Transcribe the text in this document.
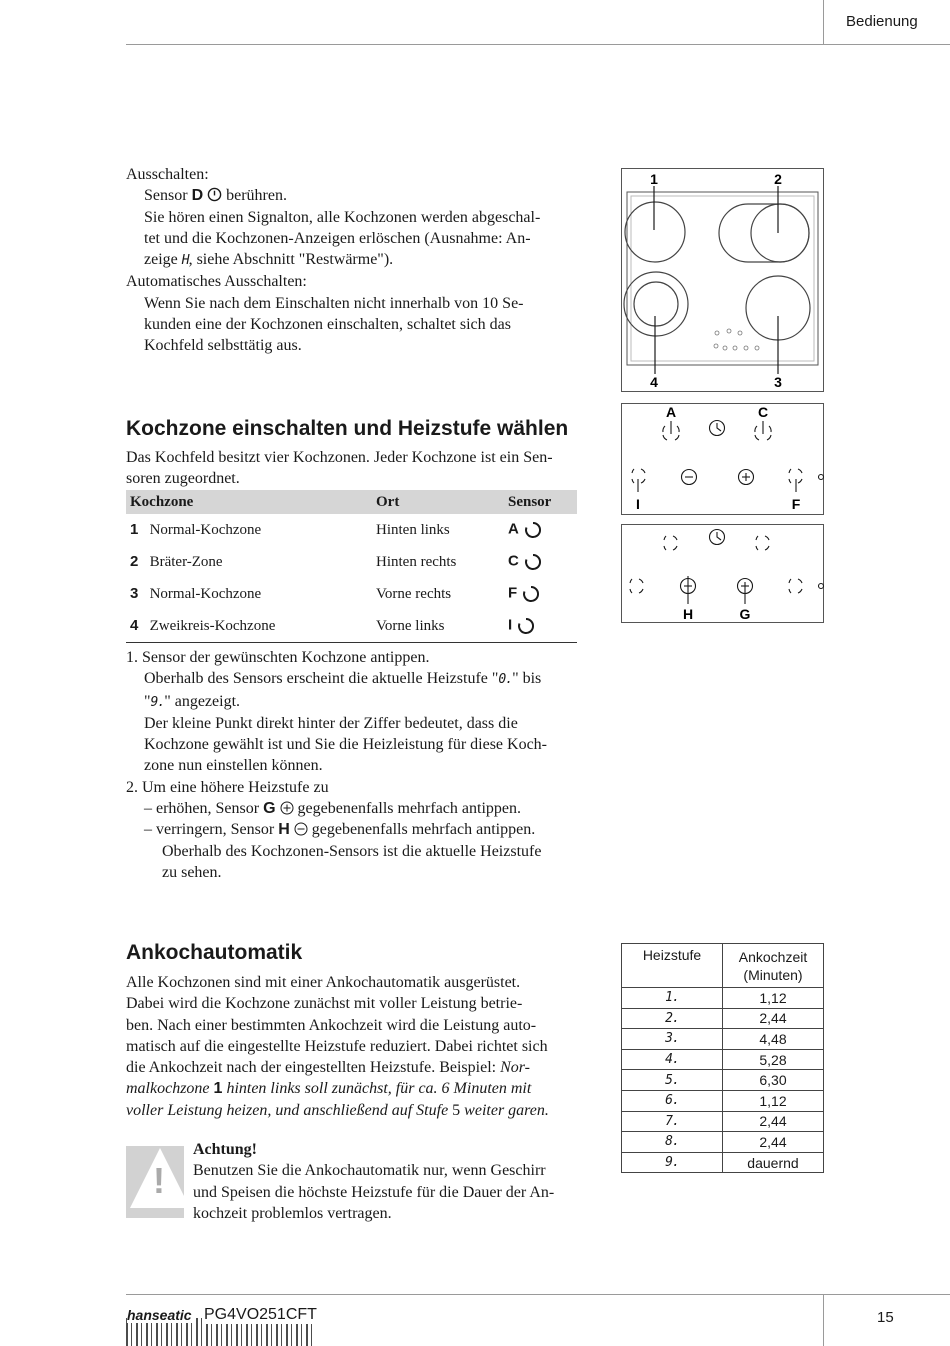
Bedienung
Ausschalten:
Sensor D berühren.
Sie hören einen Signalton, alle Kochzonen werden abgeschal-
tet und die Kochzonen-Anzeigen erlöschen (Ausnahme: An-
zeige H, siehe Abschnitt "Restwärme").
Automatisches Ausschalten:
Wenn Sie nach dem Einschalten nicht innerhalb von 10 Se-
kunden eine der Kochzonen einschalten, schaltet sich das
Kochfeld selbsttätig aus.
1	2
4	3
Kochzone einschalten und Heizstufe wählen
Das Kochfeld besitzt vier Kochzonen. Jeder Kochzone ist ein Sen-
soren zugeordnet.
Kochzone	Ort	Sensor
1 Normal-Kochzone	Hinten links	A
2 Bräter-Zone	Hinten rechts	C
3 Normal-Kochzone	Vorne rechts	F
4 Zweikreis-Kochzone	Vorne links	I
1. Sensor der gewünschten Kochzone antippen.
Oberhalb des Sensors erscheint die aktuelle Heizstufe "0." bis
"9." angezeigt.
Der kleine Punkt direkt hinter der Ziffer bedeutet, dass die
Kochzone gewählt ist und Sie die Heizleistung für diese Koch-
zone nun einstellen können.
2. Um eine höhere Heizstufe zu
– erhöhen, Sensor G gegebenenfalls mehrfach antippen.
– verringern, Sensor H gegebenenfalls mehrfach antippen.
Oberhalb des Kochzonen-Sensors ist die aktuelle Heizstufe
zu sehen.
A	C
I	F
H	G
Ankochautomatik
Alle Kochzonen sind mit einer Ankochautomatik ausgerüstet.
Dabei wird die Kochzone zunächst mit voller Leistung betrie-
ben. Nach einer bestimmten Ankochzeit wird die Leistung auto-
matisch auf die eingestellte Heizstufe reduziert. Dabei richtet sich
die Ankochzeit nach der eingestellten Heizstufe. Beispiel: Nor-
malkochzone 1 hinten links soll zunächst, für ca. 6 Minuten mit
voller Leistung heizen, und anschließend auf Stufe 5 weiter garen.
!
Achtung!
Benutzen Sie die Ankochautomatik nur, wenn Geschirr
und Speisen die höchste Heizstufe für die Dauer der An-
kochzeit problemlos vertragen.
Heizstufe	Ankochzeit
(Minuten)

1.	1,12
2.	2,44
3.	4,48
4.	5,28
5.	6,30
6.	1,12
7.	2,44
8.	2,44
9.	dauernd
hanseatic PG4VO251CFT	15
